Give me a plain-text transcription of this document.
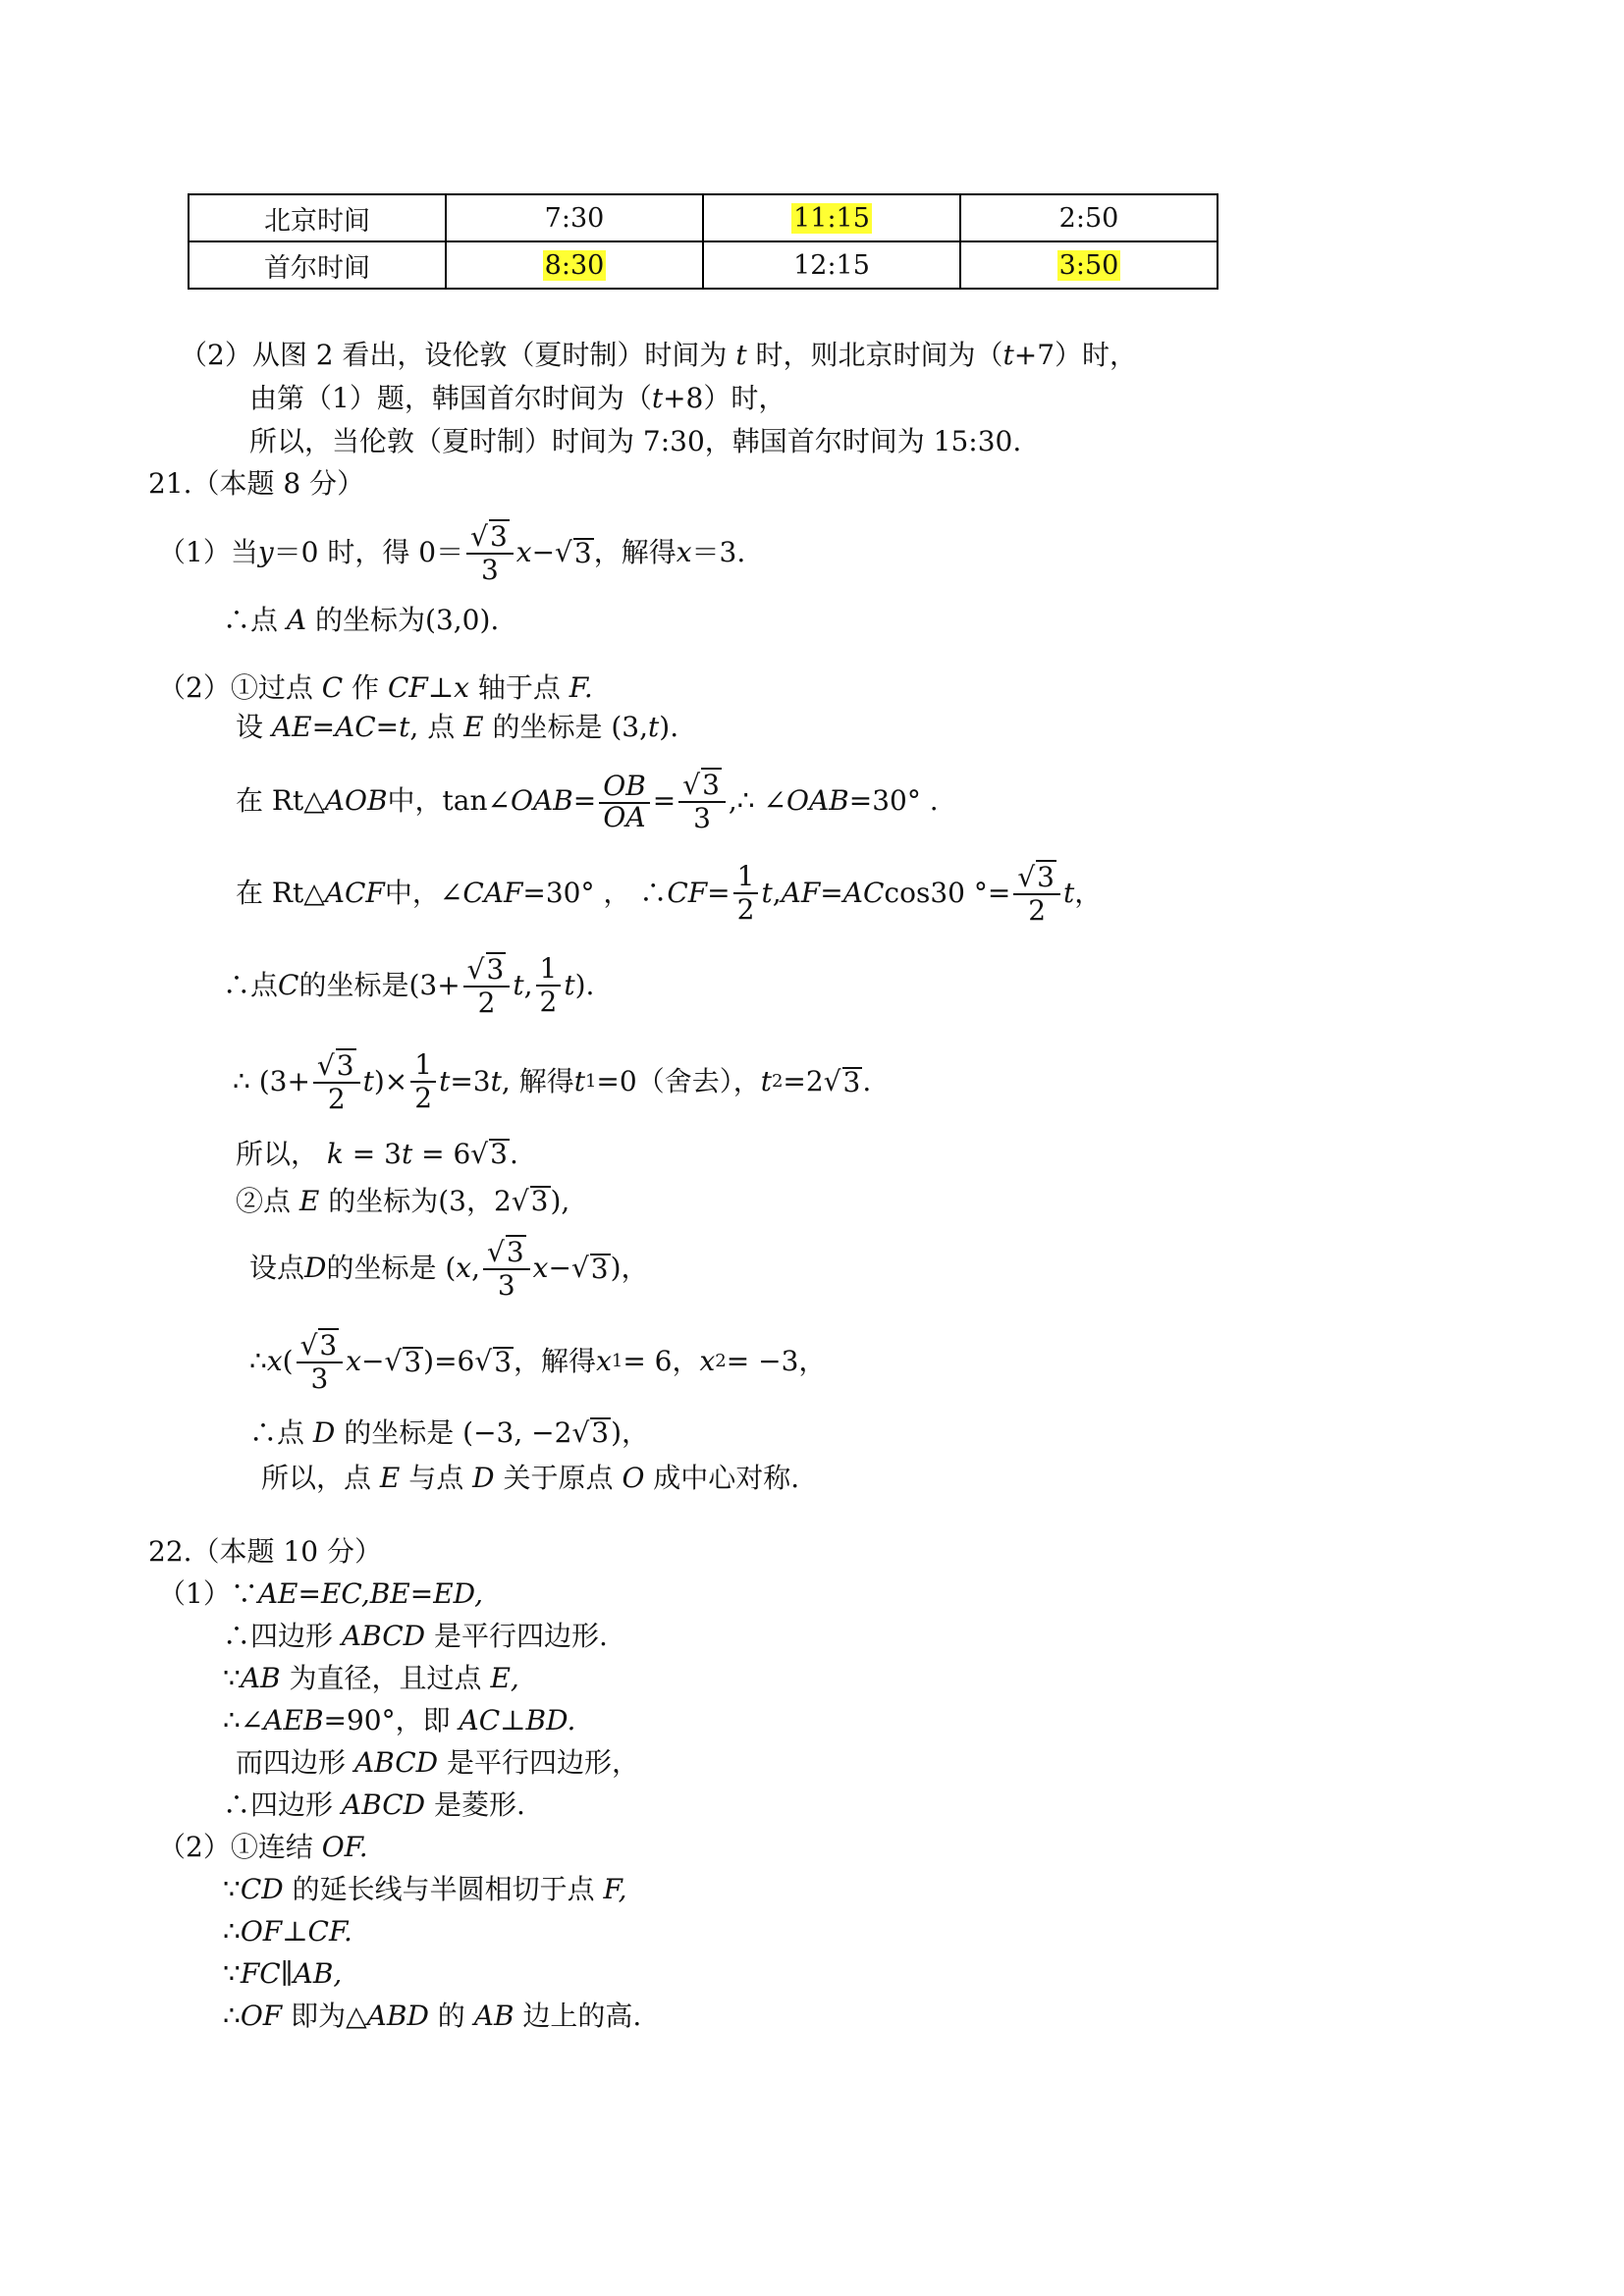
北京时间	7:30	11:15	2:50
首尔时间	8:30	12:15	3:50
（2）从图 2 看出，设伦敦（夏时制）时间为 t 时，则北京时间为（t+7）时，
由第（1）题，韩国首尔时间为（t+8）时，
所以，当伦敦（夏时制）时间为 7:30，韩国首尔时间为 15:30.
21.（本题 8 分）
（1）当 y ＝0 时，得 $0= \frac{√3}{3}$ x − √ 3 ，解得 x ＝3.
∴点 A 的坐标为(3,0).
（2）①过点 C 作 CF⊥x 轴于点 F.
设 AE=AC=t, 点 E 的坐标是 (3,t).
在 Rt△ AOB 中，tan∠ OAB = $\frac{OB}{OA} = \frac{√3}{3}$ ,∴ ∠ OAB =30° .
在 Rt△ ACF 中，∠ CAF =30° ， ∴ CF = $\frac{1}{2}$ t , AF = AC cos30 °= $\frac{√3}{2}$ t ，
∴点 C 的坐标是($3+ \frac{√3}{2}$ t , $\frac{1}{2}$ t ).
∴ ($3+ \frac{√3}{2}$ t )× $\frac{1}{2}$ t =3 t , 解得 t 1 =0（舍去）， t 2 =2 √ 3 .
所以， k = 3t = 6√3.
②点 E 的坐标为(3，2√3),
设点 D 的坐标是 ( x , $\frac{√3}{3}$ x − √ 3 )，
∴ x ( $\frac{√3}{3}$ x − √ 3 )=6 √ 3 ，解得 x 1 = 6， x 2 = −3，
∴点 D 的坐标是 (−3, −2√3)，
所以，点 E 与点 D 关于原点 O 成中心对称.
22.（本题 10 分）
（1）∵AE=EC,BE=ED,
∴四边形 ABCD 是平行四边形.
∵AB 为直径，且过点 E,
∴∠AEB=90°，即 AC⊥BD.
而四边形 ABCD 是平行四边形，
∴四边形 ABCD 是菱形.
（2）①连结 OF.
∵CD 的延长线与半圆相切于点 F,
∴OF⊥CF.
∵FC∥AB,
∴OF 即为△ABD 的 AB 边上的高.
